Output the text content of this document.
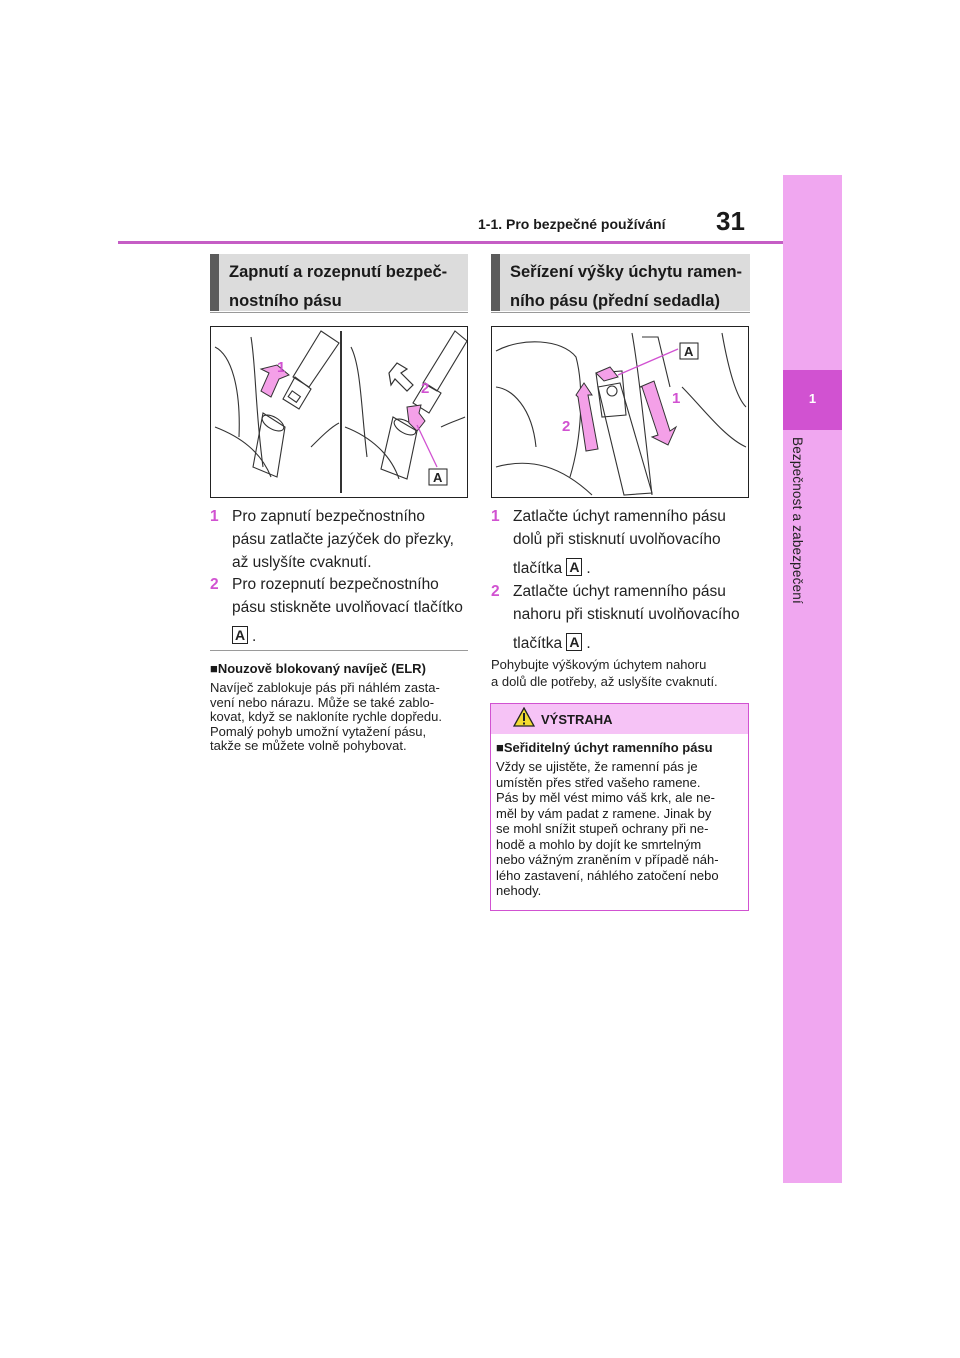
1-1. Pro bezpečné používání 31
1
Bezpečnost a zabezpečení
Zapnutí a rozepnutí bezpeč-
nostního pásu
1
2
A
1 Pro zapnutí bezpečnostního
pásu zatlačte jazýček do přezky,
až uslyšíte cvaknutí.
2 Pro rozepnutí bezpečnostního
pásu stiskněte uvolňovací tlačítko
A .
■Nouzově blokovaný navíječ (ELR)
Navíječ zablokuje pás při náhlém zasta-
vení nebo nárazu. Může se také zablo-
kovat, když se nakloníte rychle dopředu.
Pomalý pohyb umožní vytažení pásu,
takže se můžete volně pohybovat.
Seřízení výšky úchytu ramen-
ního pásu (přední sedadla)
A
1
2
1 Zatlačte úchyt ramenního pásu
dolů při stisknutí uvolňovacího
tlačítka A .
2 Zatlačte úchyt ramenního pásu
nahoru při stisknutí uvolňovacího
tlačítka A .
Pohybujte výškovým úchytem nahoru
a dolů dle potřeby, až uslyšíte cvaknutí.
VÝSTRAHA
■Seřiditelný úchyt ramenního pásu
Vždy se ujistěte, že ramenní pás je
umístěn přes střed vašeho ramene.
Pás by měl vést mimo váš krk, ale ne-
měl by vám padat z ramene. Jinak by
se mohl snížit stupeň ochrany při ne-
hodě a mohlo by dojít ke smrtelným
nebo vážným zraněním v případě náh-
lého zastavení, náhlého zatočení nebo
nehody.
